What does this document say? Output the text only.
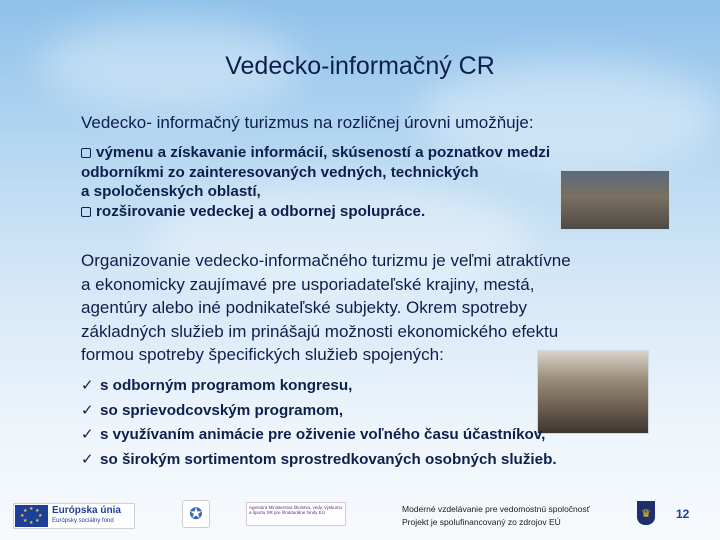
Vedecko-informačný CR
Vedecko- informačný turizmus na rozličnej úrovni umožňuje:

výmenu a získavanie informácií, skúseností a poznatkov medzi

odborníkmi zo zainteresovaných vedných, technických

a spoločenských oblastí,

rozširovanie vedeckej a odbornej spolupráce.

Organizovanie vedecko-informačného turizmu je veľmi atraktívne
a ekonomicky zaujímavé pre usporiadateľské krajiny, mestá,
agentúry alebo iné podnikateľské subjekty. Okrem spotreby
základných služieb im prinášajú možnosti ekonomického efektu
formou spotreby špecifických služieb spojených:
✓ s odborným programom kongresu,
✓ so sprievodcovským programom,
✓ s využívaním animácie pre oživenie voľného času účastníkov,
✓ so širokým sortimentom sprostredkovaných osobných služieb.
★ ★
★
★
★
★
★
★ Európska únia
Európsky sociálny fond	✪	Agentúra Ministerstva školstva, vedy, výskumu a športu SR pre štrukturálne fondy EÚ	Moderné vzdelávanie pre vedomostnú spoločnosť
Projekt je spolufinancovaný zo zdrojov EÚ
♛	12
